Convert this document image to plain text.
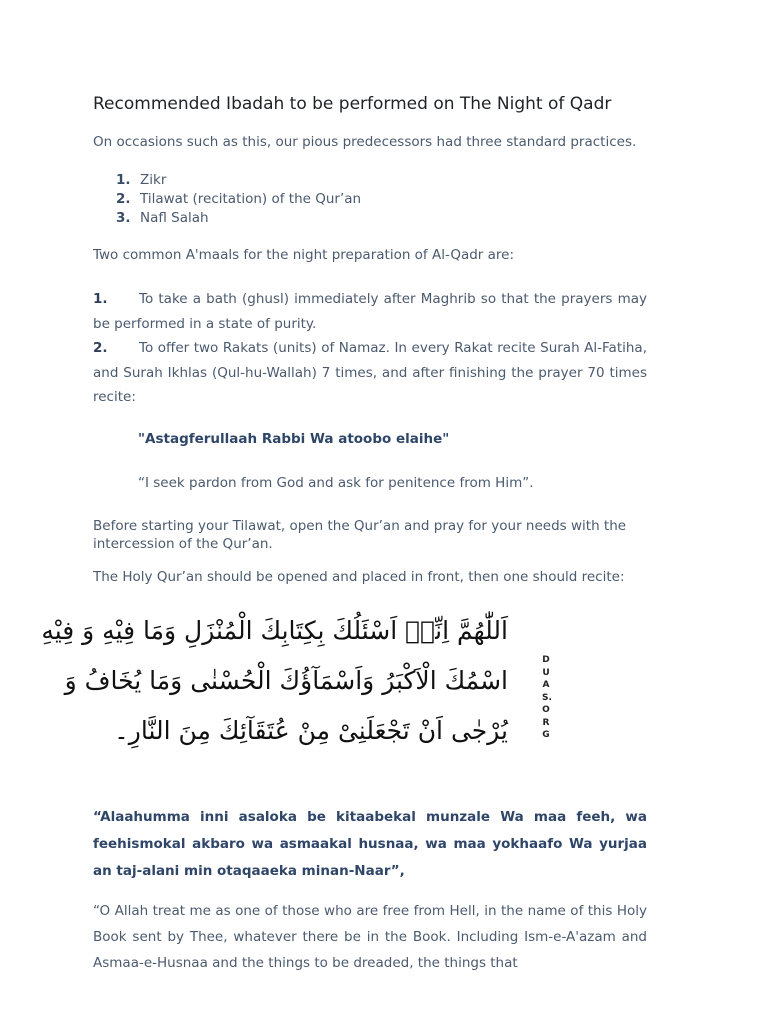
Recommended Ibadah to be performed on The Night of Qadr
On occasions such as this, our pious predecessors had three standard practices.
1. Zikr
2. Tilawat (recitation) of the Qur’an
3. Nafl Salah
Two common A'maals for the night preparation of Al-Qadr are:
1. To take a bath (ghusl) immediately after Maghrib so that the prayers may be performed in a state of purity.
2. To offer two Rakats (units) of Namaz. In every Rakat recite Surah Al-Fatiha, and Surah Ikhlas (Qul-hu-Wallah) 7 times, and after finishing the prayer 70 times recite:
"Astagferullaah Rabbi Wa atoobo elaihe"
“I seek pardon from God and ask for penitence from Him”.
Before starting your Tilawat, open the Qur’an and pray for your needs with the intercession of the Qur’an.
The Holy Qur’an should be opened and placed in front, then one should recite:
اَللّٰهُمَّ اِنِّىۤ اَسْئَلُكَ بِكِتَابِكَ الْمُنْزَلِ وَمَا فِيْهِ وَ فِيْهِ
اسْمُكَ الْاَكْبَرُ وَاَسْمَآؤُكَ الْحُسْنٰى وَمَا يُخَافُ وَ
يُرْجٰى اَنْ تَجْعَلَنِىْ مِنْ عُتَقَآئِكَ مِنَ النَّارِ۔
DUAS.ORG
“Alaahumma inni asaloka be kitaabekal munzale Wa maa feeh, wa feehismokal akbaro wa asmaakal husnaa, wa maa yokhaafo Wa yurjaa an taj-alani min otaqaaeka minan-Naar”,
“O Allah treat me as one of those who are free from Hell, in the name of this Holy Book sent by Thee, whatever there be in the Book. Including Ism-e-A'azam and Asmaa-e-Husnaa and the things to be dreaded, the things that
